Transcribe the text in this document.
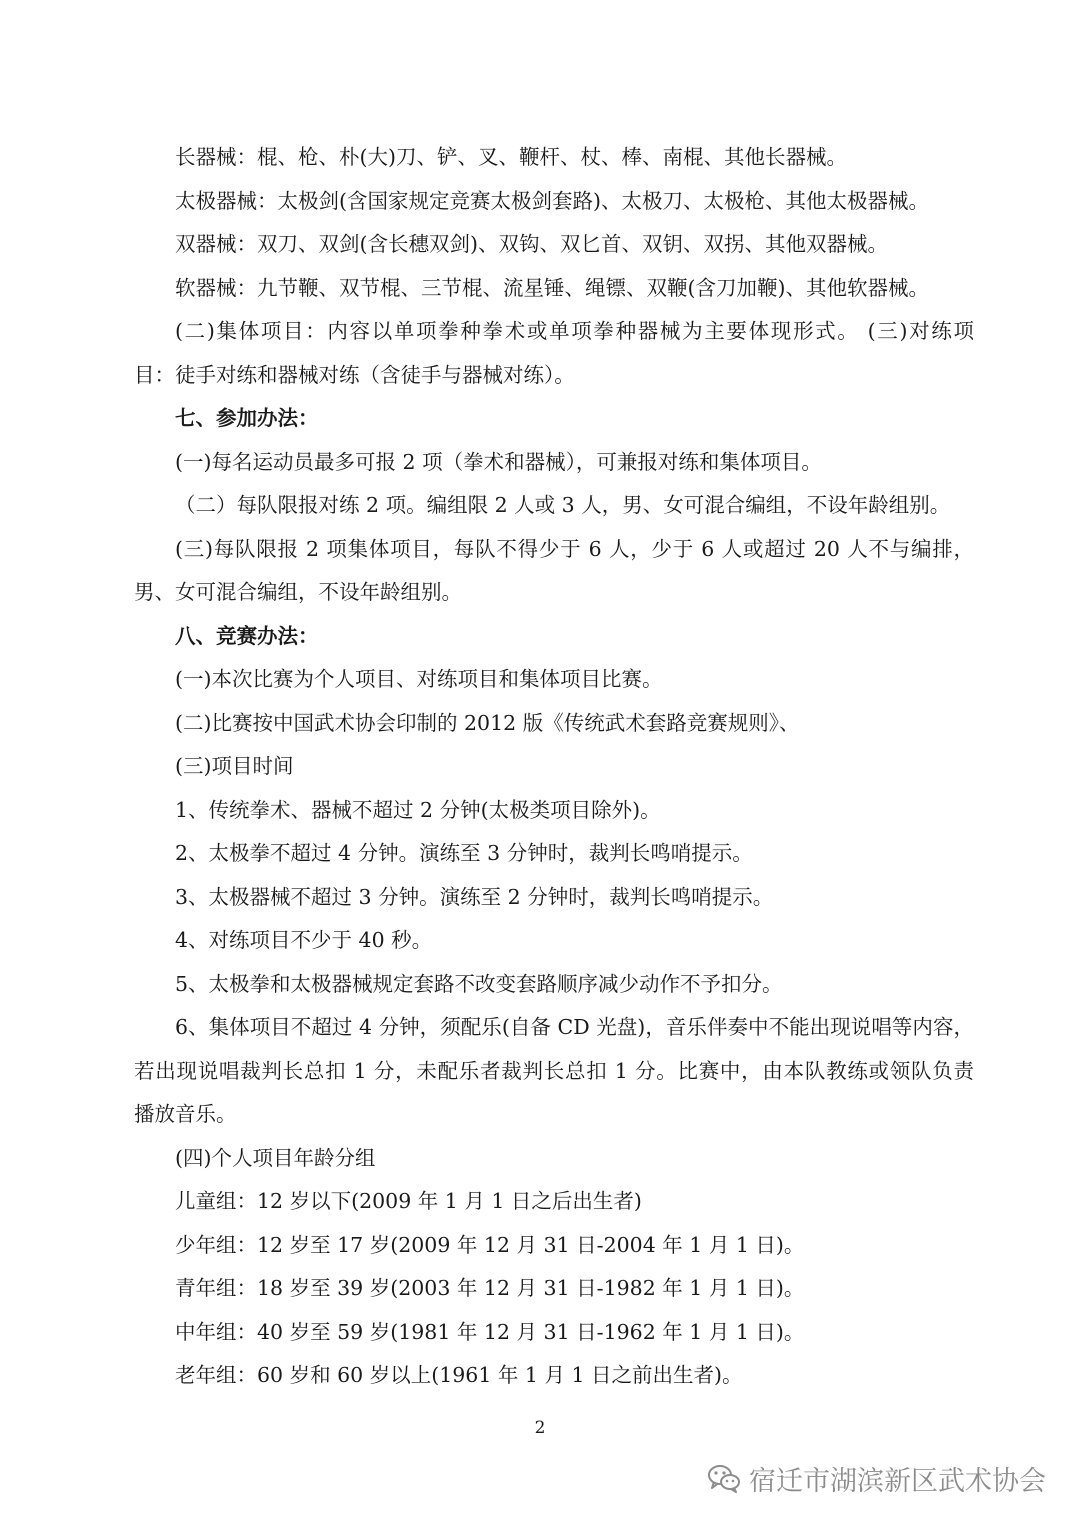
长器械：棍、枪、朴(大)刀、铲、叉、鞭杆、杖、棒、南棍、其他长器械。
太极器械：太极剑(含国家规定竞赛太极剑套路)、太极刀、太极枪、其他太极器械。
双器械：双刀、双剑(含长穗双剑)、双钩、双匕首、双钥、双拐、其他双器械。
软器械：九节鞭、双节棍、三节棍、流星锤、绳镖、双鞭(含刀加鞭)、其他软器械。
(二)集体项目：内容以单项拳种拳术或单项拳种器械为主要体现形式。 (三)对练项
目：徒手对练和器械对练（含徒手与器械对练）。
七、参加办法：
(一)每名运动员最多可报 2 项（拳术和器械），可兼报对练和集体项目。
（二）每队限报对练 2 项。编组限 2 人或 3 人，男、女可混合编组，不设年龄组别。
(三)每队限报 2 项集体项目，每队不得少于 6 人，少于 6 人或超过 20 人不与编排，
男、女可混合编组，不设年龄组别。
八、竞赛办法：
(一)本次比赛为个人项目、对练项目和集体项目比赛。
(二)比赛按中国武术协会印制的 2012 版《传统武术套路竞赛规则》、
(三)项目时间
1、传统拳术、器械不超过 2 分钟(太极类项目除外)。
2、太极拳不超过 4 分钟。演练至 3 分钟时，裁判长鸣哨提示。
3、太极器械不超过 3 分钟。演练至 2 分钟时，裁判长鸣哨提示。
4、对练项目不少于 40 秒。
5、太极拳和太极器械规定套路不改变套路顺序减少动作不予扣分。
6、集体项目不超过 4 分钟，须配乐(自备 CD 光盘)，音乐伴奏中不能出现说唱等内容，
若出现说唱裁判长总扣 1 分，未配乐者裁判长总扣 1 分。比赛中，由本队教练或领队负责
播放音乐。
(四)个人项目年龄分组
儿童组：12 岁以下(2009 年 1 月 1 日之后出生者)
少年组：12 岁至 17 岁(2009 年 12 月 31 日-2004 年 1 月 1 日)。
青年组：18 岁至 39 岁(2003 年 12 月 31 日-1982 年 1 月 1 日)。
中年组：40 岁至 59 岁(1981 年 12 月 31 日-1962 年 1 月 1 日)。
老年组：60 岁和 60 岁以上(1961 年 1 月 1 日之前出生者)。
2
宿迁市湖滨新区武术协会
